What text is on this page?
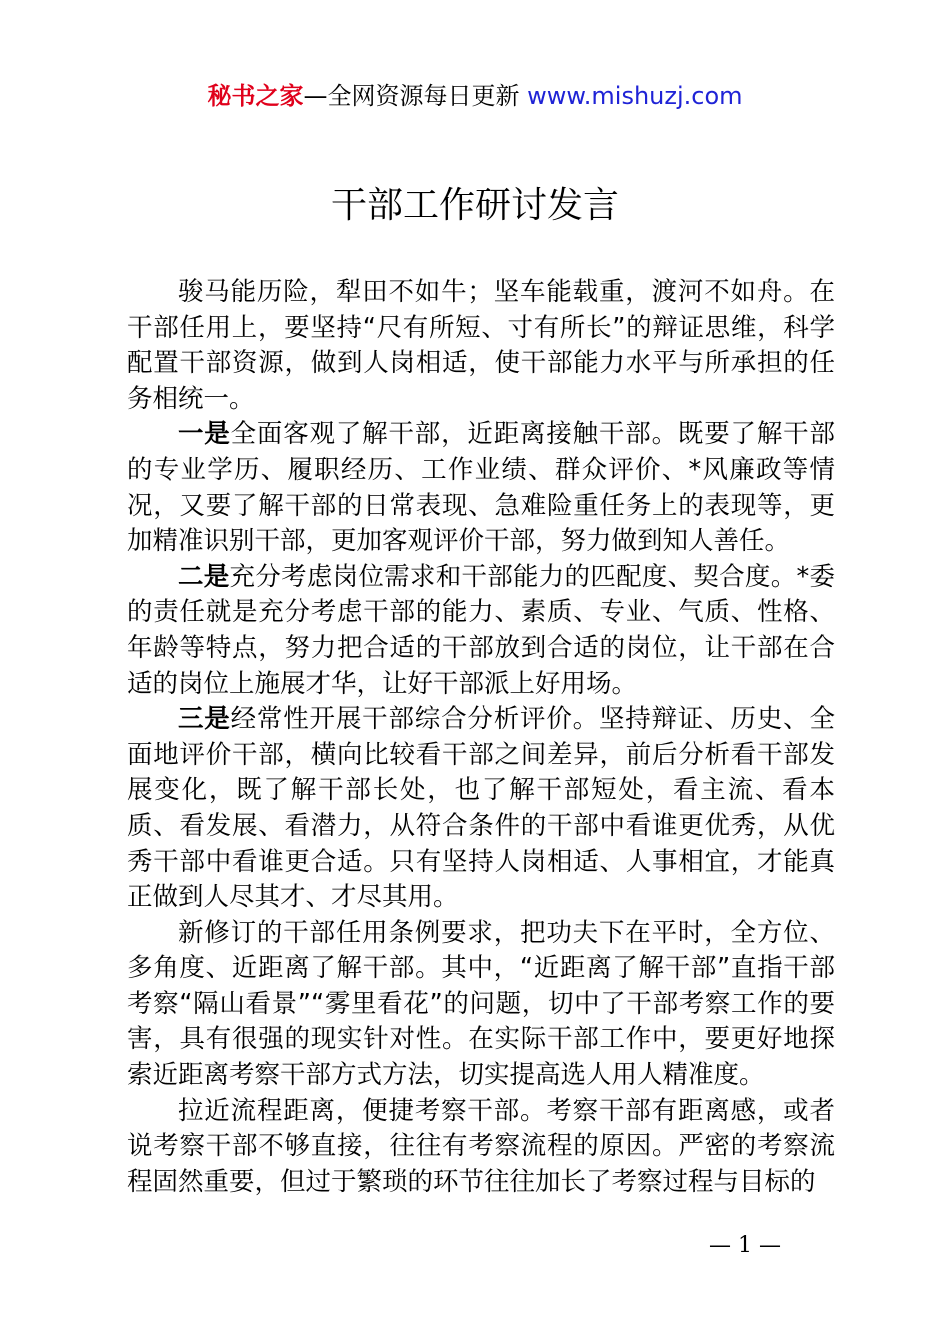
秘书之家—全网资源每日更新 www.mishuzj.com
干部工作研讨发言

骏马能历险，犁田不如牛；坚车能载重，渡河不如舟。在干部任用上，要坚持“尺有所短、寸有所长”的辩证思维，科学配置干部资源，做到人岗相适，使干部能力水平与所承担的任务相统一。

一是全面客观了解干部，近距离接触干部。既要了解干部的专业学历、履职经历、工作业绩、群众评价、*风廉政等情况，又要了解干部的日常表现、急难险重任务上的表现等，更加精准识别干部，更加客观评价干部，努力做到知人善任。

二是充分考虑岗位需求和干部能力的匹配度、契合度。*委的责任就是充分考虑干部的能力、素质、专业、气质、性格、年龄等特点，努力把合适的干部放到合适的岗位，让干部在合适的岗位上施展才华，让好干部派上好用场。

三是经常性开展干部综合分析评价。坚持辩证、历史、全面地评价干部，横向比较看干部之间差异，前后分析看干部发展变化，既了解干部长处，也了解干部短处，看主流、看本质、看发展、看潜力，从符合条件的干部中看谁更优秀，从优秀干部中看谁更合适。只有坚持人岗相适、人事相宜，才能真正做到人尽其才、才尽其用。

新修订的干部任用条例要求，把功夫下在平时，全方位、多角度、近距离了解干部。其中，“近距离了解干部”直指干部考察“隔山看景”“雾里看花”的问题，切中了干部考察工作的要害，具有很强的现实针对性。在实际干部工作中，要更好地探索近距离考察干部方式方法，切实提高选人用人精准度。

拉近流程距离，便捷考察干部。考察干部有距离感，或者说考察干部不够直接，往往有考察流程的原因。严密的考察流程固然重要，但过于繁琐的环节往往加长了考察过程与目标的

— 1 —
